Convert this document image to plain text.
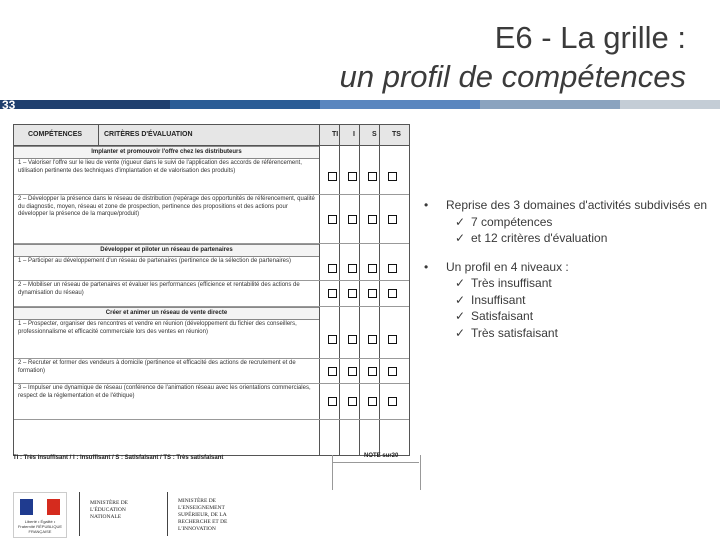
E6 - La grille :
un profil de compétences
33
COMPÉTENCES	CRITÈRES D'ÉVALUATION	TI I S TS
Implanter et promouvoir l'offre chez les distributeurs
1 – Valoriser l'offre sur le lieu de vente (rigueur dans le suivi de l'application des accords de référencement, utilisation pertinente des techniques d'implantation et de valorisation des produits)
2 – Développer la présence dans le réseau de distribution (repérage des opportunités de référencement, qualité du diagnostic, moyen, réseau et zone de prospection, pertinence des propositions et des actions pour développer la présence de la marque/produit)
Développer et piloter un réseau de partenaires
1 – Participer au développement d'un réseau de partenaires (pertinence de la sélection de partenaires)
2 – Mobiliser un réseau de partenaires et évaluer les performances (efficience et rentabilité des actions de dynamisation du réseau)
Créer et animer un réseau de vente directe
1 – Prospecter, organiser des rencontres et vendre en réunion (développement du fichier des conseillers, professionnalisme et efficacité commerciale lors des ventes en réunion)
2 – Recruter et former des vendeurs à domicile (pertinence et efficacité des actions de recrutement et de formation)
3 – Impulser une dynamique de réseau (conférence de l'animation réseau avec les orientations commerciales, respect de la réglementation et de l'éthique)
TI : Très insuffisant / I : Insuffisant / S : Satisfaisant / TS : Très satisfaisant	NOTE sur20
• Reprise des 3 domaines d'activités subdivisés en
✓ 7 compétences
✓ et 12 critères d'évaluation
• Un profil en 4 niveaux :
✓ Très insuffisant
✓ Insuffisant
✓ Satisfaisant
✓ Très satisfaisant
Liberté • Égalité • Fraternité RÉPUBLIQUE FRANÇAISE
MINISTÈRE DE L'ÉDUCATION NATIONALE
MINISTÈRE DE L'ENSEIGNEMENT SUPÉRIEUR, DE LA RECHERCHE ET DE L'INNOVATION
